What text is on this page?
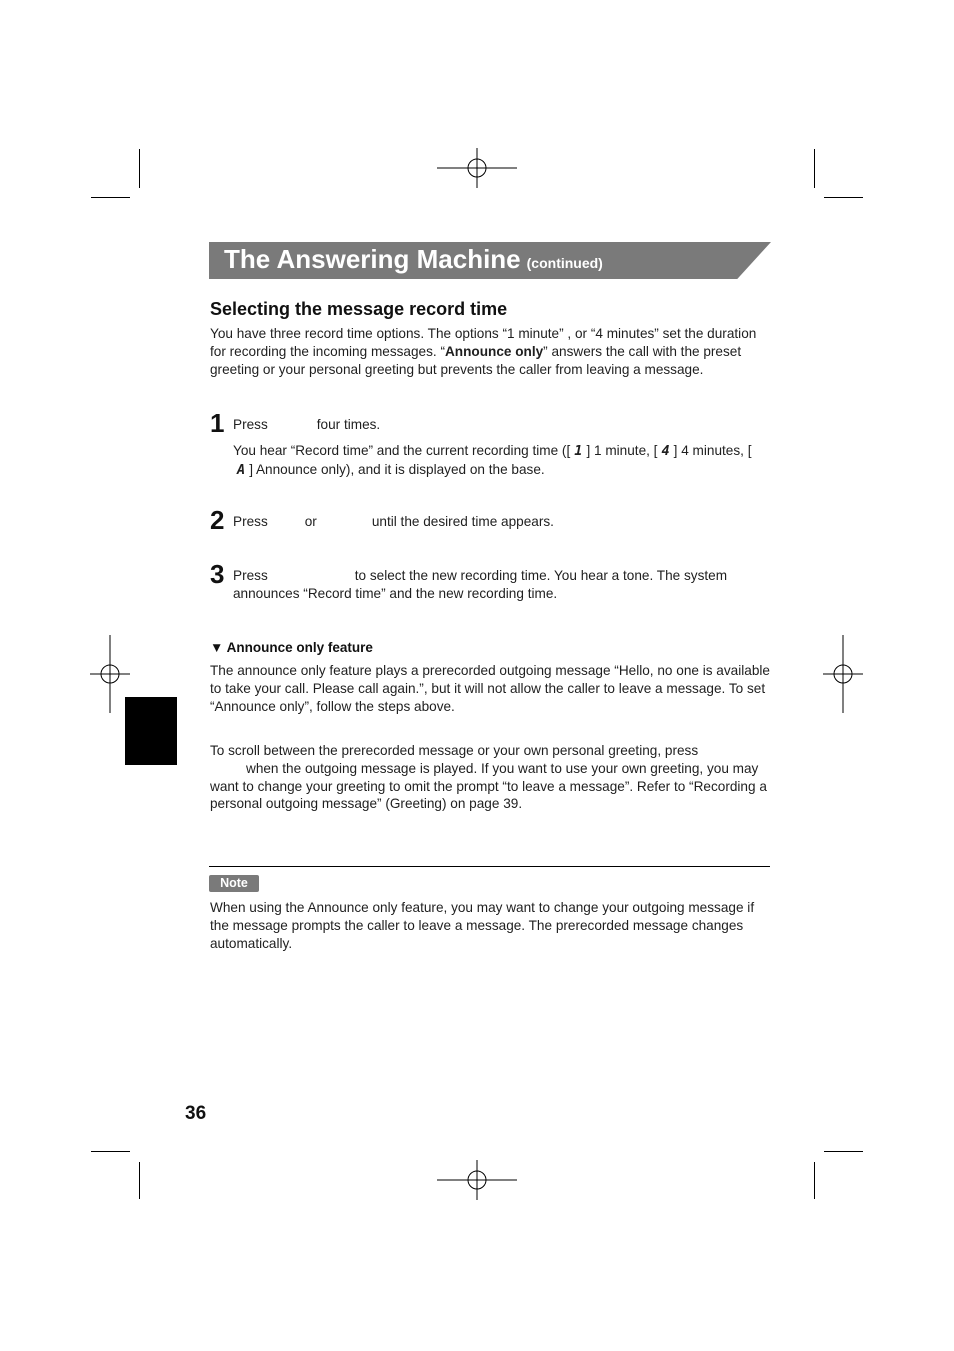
The Answering Machine (continued)
Selecting the message record time
You have three record time options. The options “1 minute” , or “4 minutes” set the duration for recording the incoming messages. “Announce only” answers the call with the preset greeting or your personal greeting but prevents the caller from leaving a message.
1 Press	four times.
You hear “Record time” and the current recording time ([ 1 ] 1 minute, [ 4 ] 4 minutes, [A ] Announce only), and it is displayed on the base.
2 Press	or	until the desired time appears.
3 Press	to select the new recording time. You hear a tone. The system announces “Record time” and the new recording time.
▼ Announce only feature
The announce only feature plays a prerecorded outgoing message “Hello, no one is available to take your call. Please call again.”, but it will not allow the caller to leave a message. To set “Announce only”, follow the steps above.
To scroll between the prerecorded message or your own personal greeting, press
when the outgoing message is played. If you want to use your own greeting, you may want to change your greeting to omit the prompt “to leave a message”. Refer to “Recording a personal outgoing message” (Greeting) on page 39.
Note
When using the Announce only feature, you may want to change your outgoing message if the message prompts the caller to leave a message. The prerecorded message changes automatically.
36
